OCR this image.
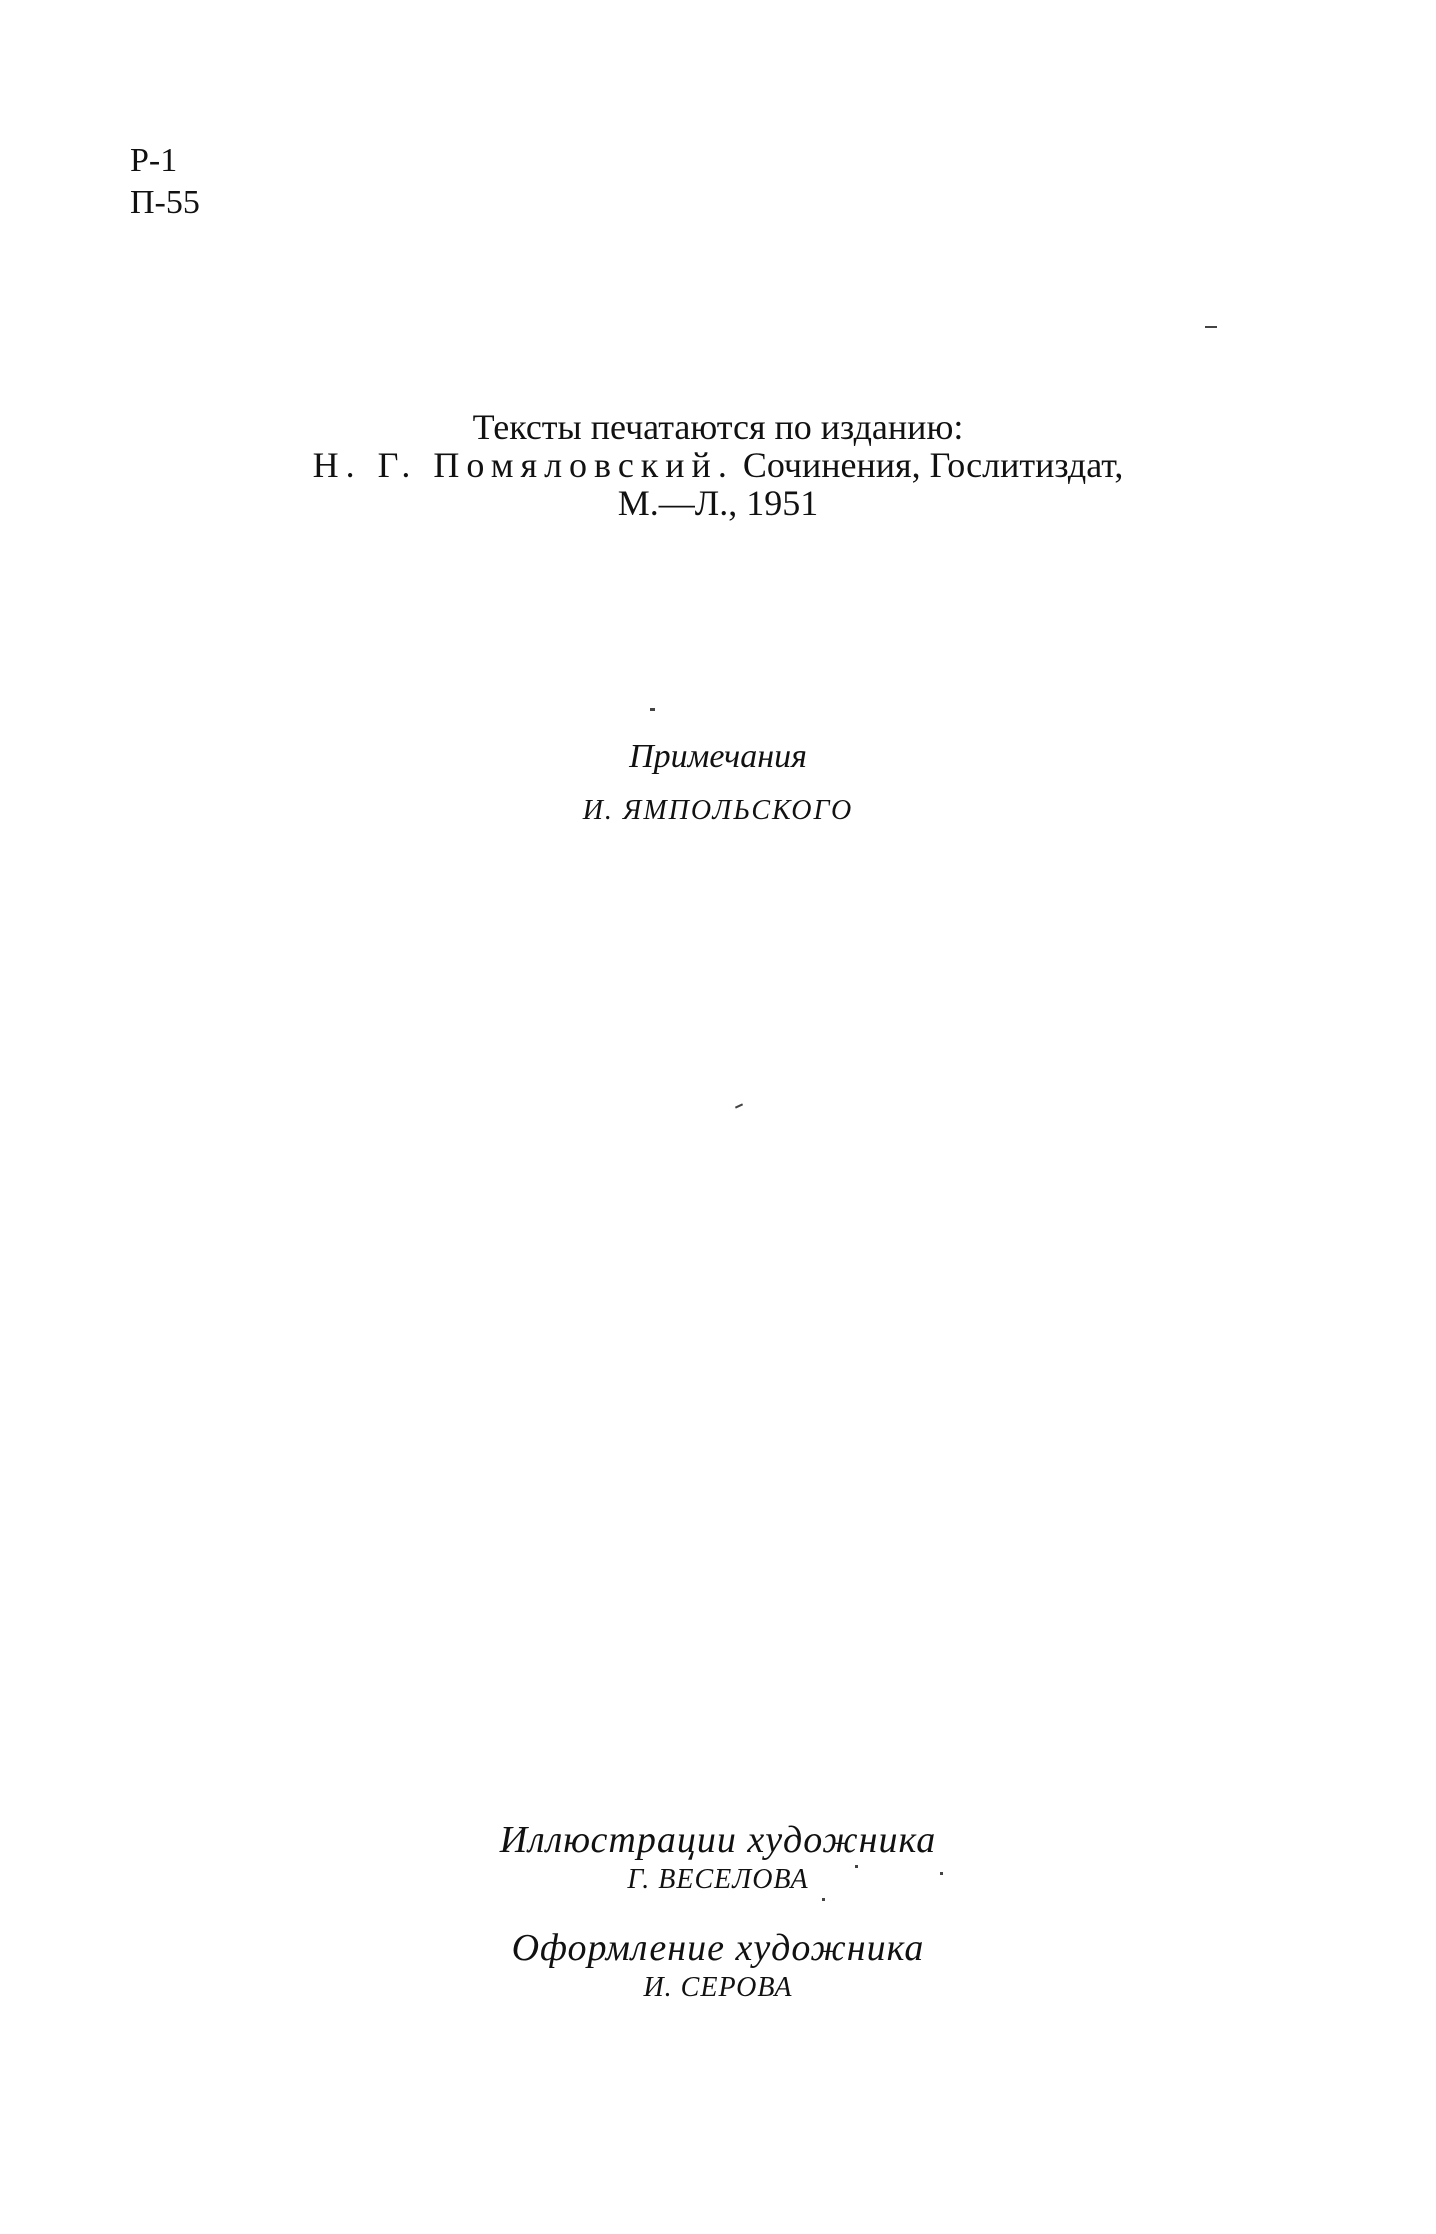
Р-1
П-55
Тексты печатаются по изданию:
Н. Г. Помяловский. Сочинения, Гослитиздат,
М.—Л., 1951
Примечания
И. ЯМПОЛЬСКОГО
Иллюстрации художника
Г. ВЕСЕЛОВА
Оформление художника
И. СЕРОВА
